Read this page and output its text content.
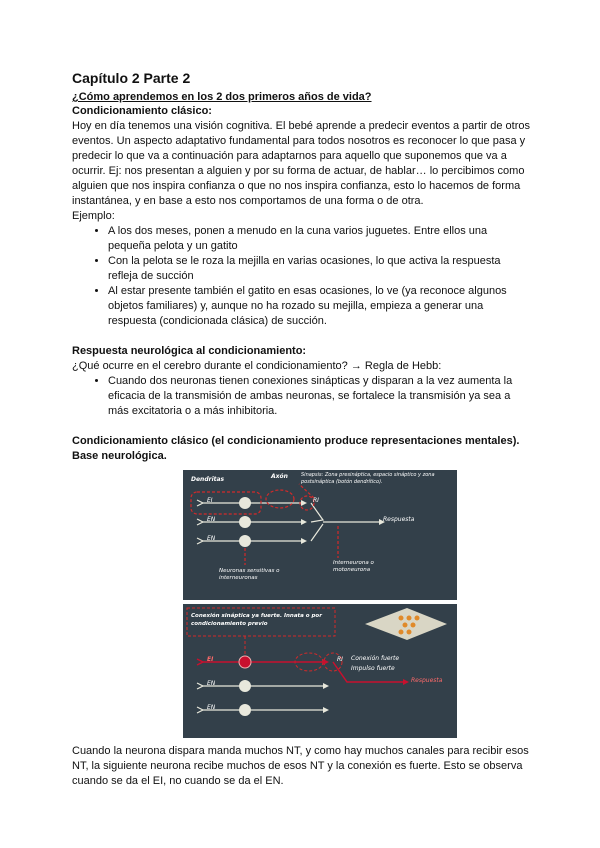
Capítulo 2 Parte 2
¿Cómo aprendemos en los 2 dos primeros años de vida?
Condicionamiento clásico:

Hoy en día tenemos una visión cognitiva. El bebé aprende a predecir eventos a partir de otros eventos. Un aspecto adaptativo fundamental para todos nosotros es reconocer lo que pasa y predecir lo que va a continuación para adaptarnos para aquello que suponemos que va a ocurrir. Ej: nos presentan a alguien y por su forma de actuar, de hablar… lo percibimos como alguien que nos inspira confianza o que no nos inspira confianza, esto lo hacemos de forma instantánea, y en base a esto nos comportamos de una forma o de otra.

Ejemplo:

• A los dos meses, ponen a menudo en la cuna varios juguetes. Entre ellos una pequeña pelota y un gatito
• Con la pelota se le roza la mejilla en varias ocasiones, lo que activa la respuesta refleja de succión
• Al estar presente también el gatito en esas ocasiones, lo ve (ya reconoce algunos objetos familiares) y, aunque no ha rozado su mejilla, empieza a generar una respuesta (condicionada clásica) de succión.
Respuesta neurológica al condicionamiento:

¿Qué ocurre en el cerebro durante el condicionamiento? → Regla de Hebb:

• Cuando dos neuronas tienen conexiones sinápticas y disparan a la vez aumenta la eficacia de la transmisión de ambas neuronas, se fortalece la transmisión ya sea a más excitatoria o a más inhibitoria.
Condicionamiento clásico (el condicionamiento produce representaciones mentales). Base neurológica.
Dendritas	Axón	Sinapsis: Zona presináptica, espacio sináptico y zona postsináptica (botón dendrítico).
EI
EN
EN
RI
Respuesta
Neuronas sensitivas o interneuronas
Interneurona o motoneurona
Conexión sináptica ya fuerte. Innata o por condicionamiento previo
EI
EN
EN
RI Conexión fuerte
Impulso fuerte
Respuesta

Cuando la neurona dispara manda muchos NT, y como hay muchos canales para recibir esos NT, la siguiente neurona recibe muchos de esos NT y la conexión es fuerte. Esto se observa cuando se da el EI, no cuando se da el EN.
